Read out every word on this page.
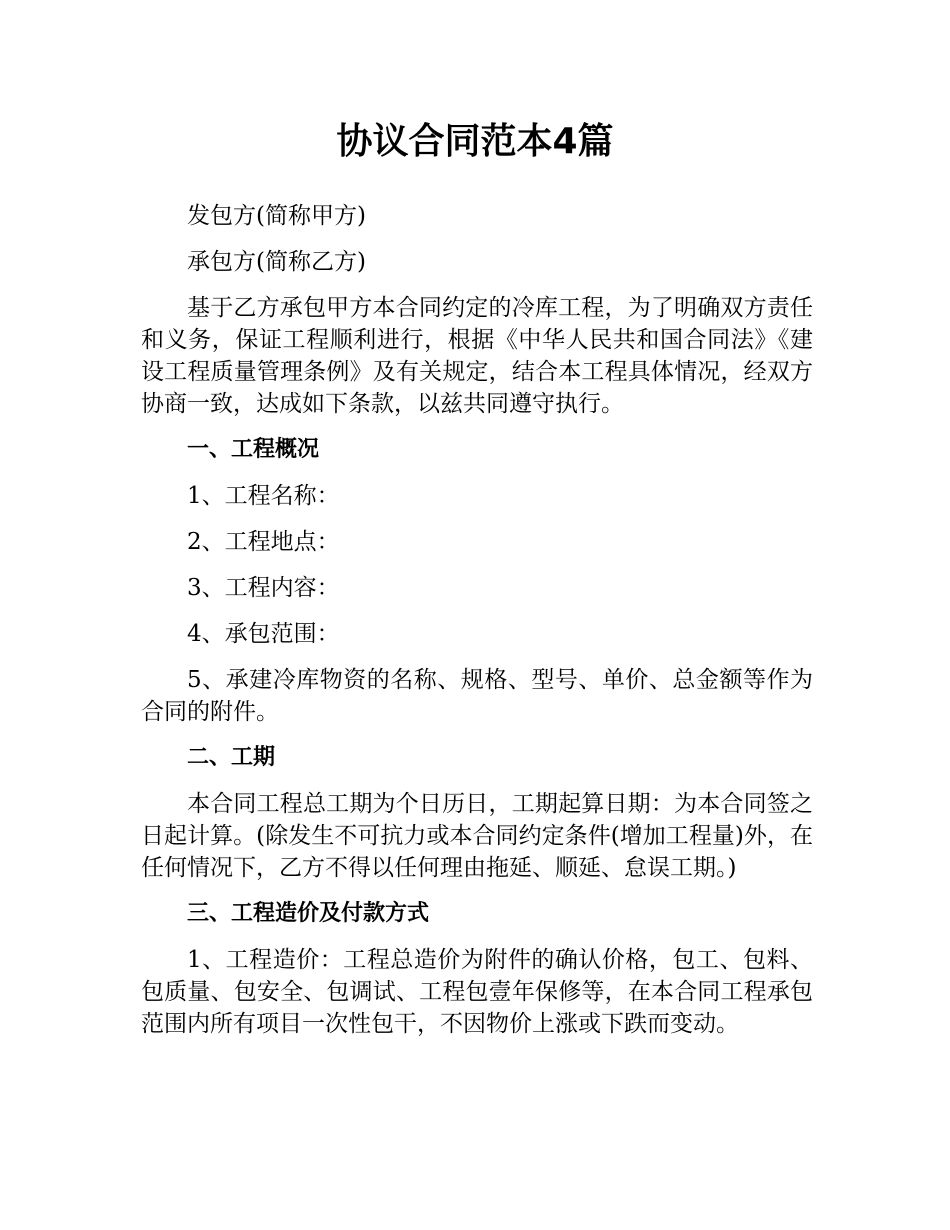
协议合同范本4篇

发包方(简称甲方)

承包方(简称乙方)

基于乙方承包甲方本合同约定的冷库工程，为了明确双方责任和义务，保证工程顺利进行，根据《中华人民共和国合同法》《建设工程质量管理条例》及有关规定，结合本工程具体情况，经双方协商一致，达成如下条款，以兹共同遵守执行。

一、工程概况

1、工程名称：

2、工程地点：

3、工程内容：

4、承包范围：

5、承建冷库物资的名称、规格、型号、单价、总金额等作为合同的附件。

二、工期

本合同工程总工期为个日历日，工期起算日期：为本合同签之日起计算。(除发生不可抗力或本合同约定条件(增加工程量)外，在任何情况下，乙方不得以任何理由拖延、顺延、怠误工期。)

三、工程造价及付款方式

1、工程造价：工程总造价为附件的确认价格，包工、包料、包质量、包安全、包调试、工程包壹年保修等，在本合同工程承包范围内所有项目一次性包干，不因物价上涨或下跌而变动。
